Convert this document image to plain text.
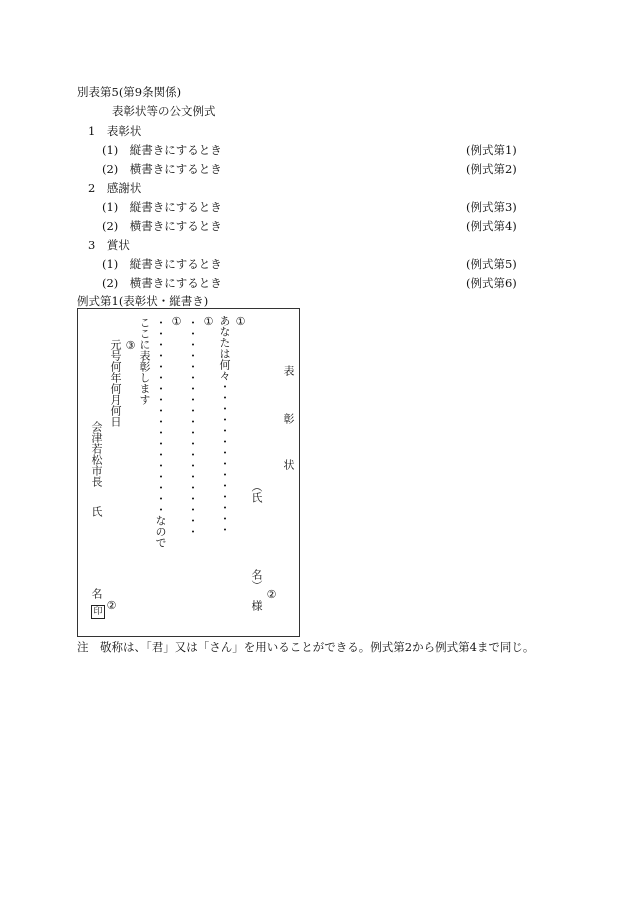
別表第5(第9条関係)
表彰状等の公文例式
1　表彰状
(1)　縦書きにするとき	(例式第1)
(2)　横書きにするとき	(例式第2)
2　感謝状
(1)　縦書きにするとき	(例式第3)
(2)　横書きにするとき	(例式第4)
3　賞状
(1)　縦書きにするとき	(例式第5)
(2)　横書きにするとき	(例式第6)
例式第1(表彰状・縦書き)
表
彰
状
︵氏
名︶
様
②
①
あなたは何々・・・・・・・・・・・・・・
①
・・・・・・・・・・・・・・・・・・・・
①
・・・・・・・・・・・・・・・・・・なので
ここに表彰します
③
元号何年何月何日
会津若松市長
氏
名
②
印
注　敬称は、「君」又は「さん」を用いることができる。例式第2から例式第4まで同じ。
